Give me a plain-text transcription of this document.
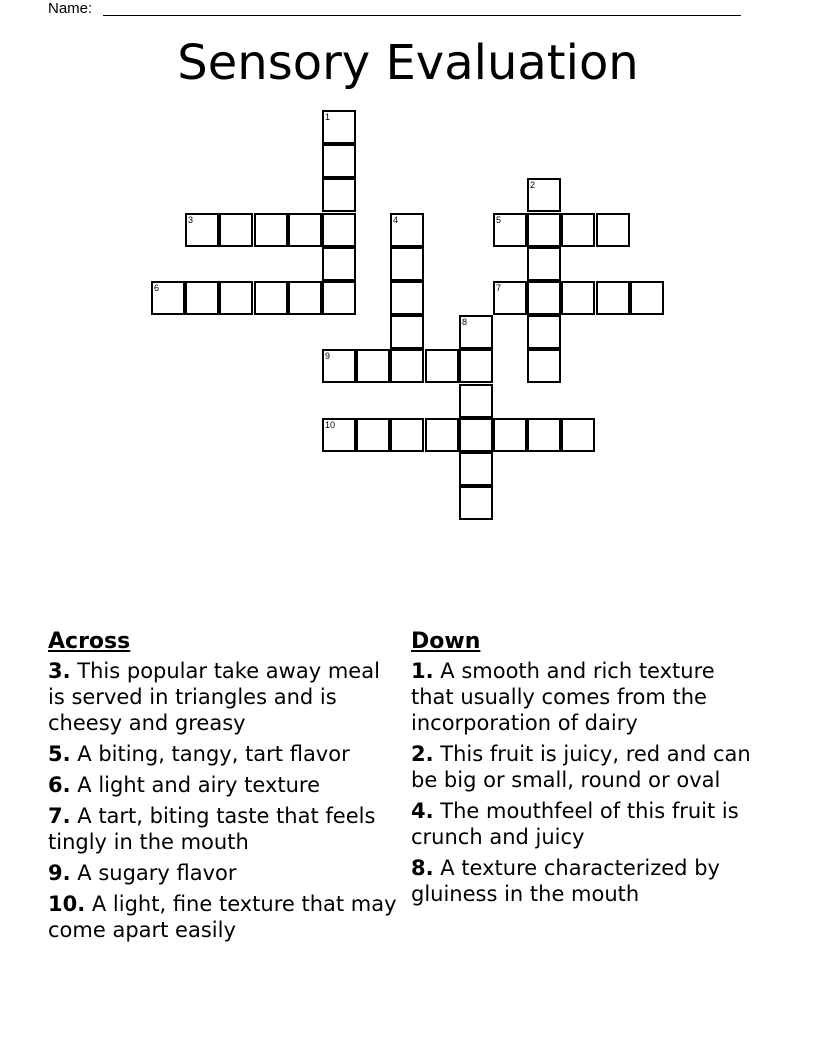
Name:
Sensory Evaluation
1
2
3	4	5
6	7
8
9
10
Across
3. This popular take away meal is served in triangles and is cheesy and greasy
5. A biting, tangy, tart flavor
6. A light and airy texture
7. A tart, biting taste that feels tingly in the mouth
9. A sugary flavor
10. A light, fine texture that may come apart easily
Down
1. A smooth and rich texture that usually comes from the incorporation of dairy
2. This fruit is juicy, red and can be big or small, round or oval
4. The mouthfeel of this fruit is crunch and juicy
8. A texture characterized by gluiness in the mouth
